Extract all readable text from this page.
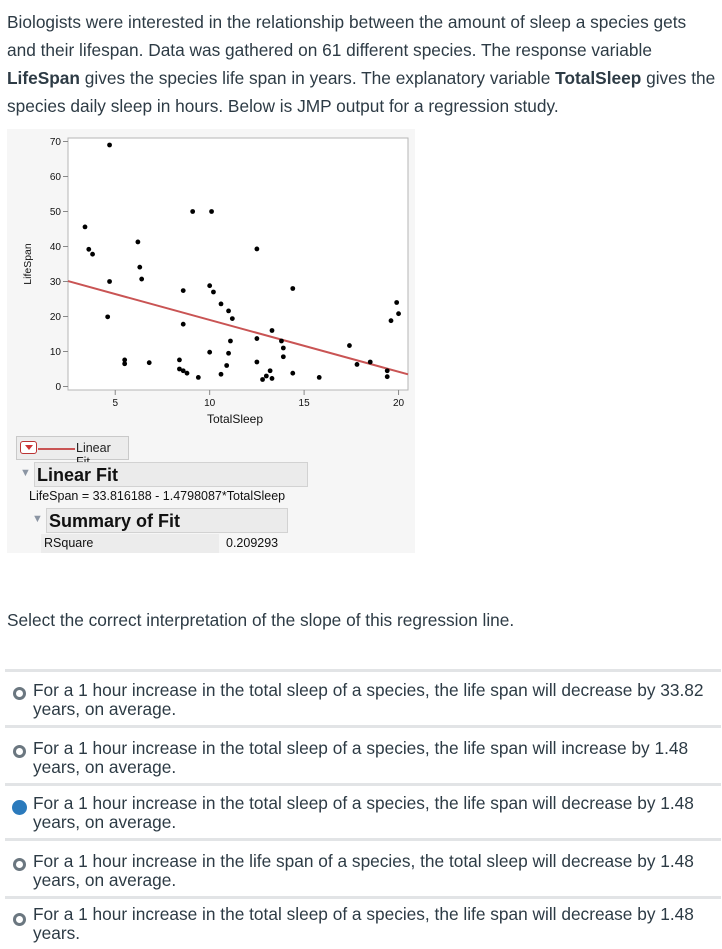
Biologists were interested in the relationship between the amount of sleep a species gets and their lifespan. Data was gathered on 61 different species. The response variable LifeSpan gives the species life span in years. The explanatory variable TotalSleep gives the species daily sleep in hours. Below is JMP output for a regression study.

LifeSpan
TotalSleep
0
10
20
30
40
50
60
70
5	10	15	20
Linear
▼ Linear Fit
LifeSpan = 33.816188 - 1.4798087*TotalSleep
▼ Summary of Fit
RSquare	0.209293

Select the correct interpretation of the slope of this regression line.

For a 1 hour increase in the total sleep of a species, the life span will decrease by 33.82 years, on average.
For a 1 hour increase in the total sleep of a species, the life span will increase by 1.48 years, on average.
For a 1 hour increase in the total sleep of a species, the life span will decrease by 1.48 years, on average.
For a 1 hour increase in the life span of a species, the total sleep will decrease by 1.48 years, on average.
For a 1 hour increase in the total sleep of a species, the life span will decrease by 1.48 years.
